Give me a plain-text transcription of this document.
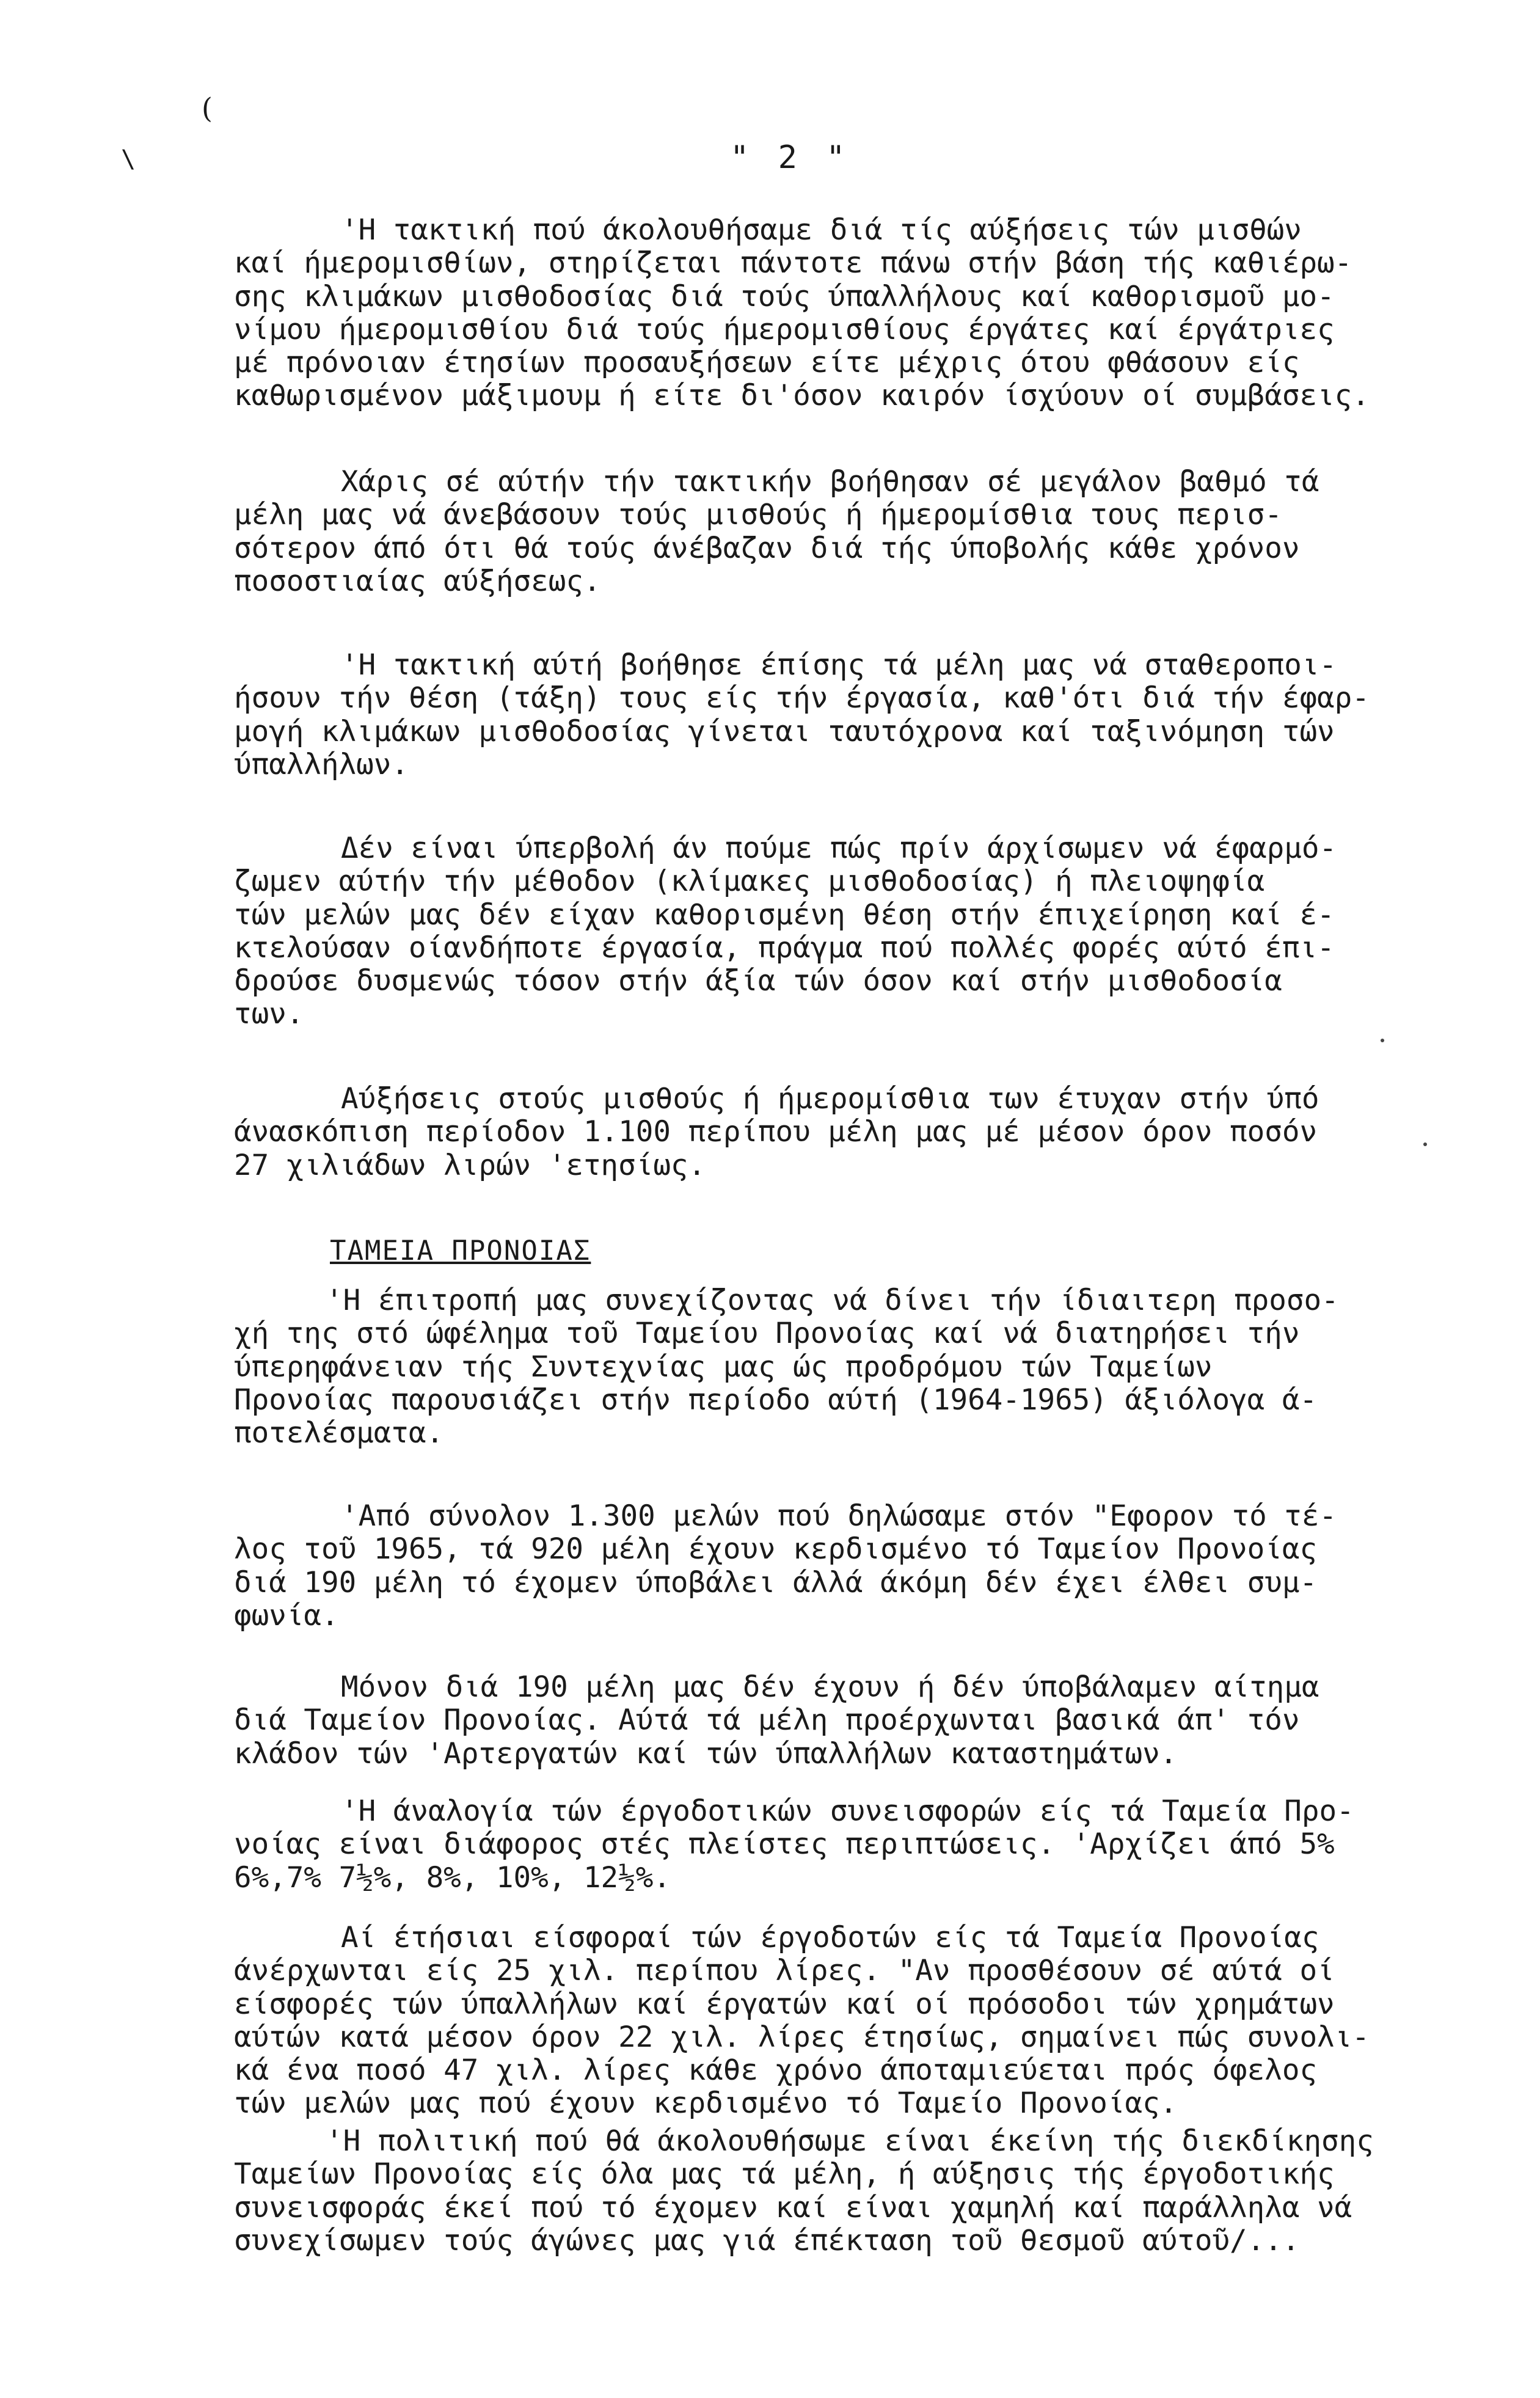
(
\	" 2 "
'Η τακτική πού άκολουθήσαμε διά τίς αύξήσεις τών μισθών
καί ήμερομισθίων, στηρίζεται πάντοτε πάνω στήν βάση τής καθιέρω-
σης κλιμάκων μισθοδοσίας διά τούς ύπαλλήλους καί καθορισμοῦ μο-
νίμου ήμερομισθίου διά τούς ήμερομισθίους έργάτες καί έργάτριες
μέ πρόνοιαν έτησίων προσαυξήσεων είτε μέχρις ότου φθάσουν είς
καθωρισμένον μάξιμουμ ή είτε δι'όσον καιρόν ίσχύουν οί συμβάσεις.
Χάρις σέ αύτήν τήν τακτικήν βοήθησαν σέ μεγάλον βαθμό τά
μέλη μας νά άνεβάσουν τούς μισθούς ή ήμερομίσθια τους περισ-
σότερον άπό ότι θά τούς άνέβαζαν διά τής ύποβολής κάθε χρόνον
ποσοστιαίας αύξήσεως.
'Η τακτική αύτή βοήθησε έπίσης τά μέλη μας νά σταθεροποι-
ήσουν τήν θέση (τάξη) τους είς τήν έργασία, καθ'ότι διά τήν έφαρ-
μογή κλιμάκων μισθοδοσίας γίνεται ταυτόχρονα καί ταξινόμηση τών
ύπαλλήλων.
Δέν είναι ύπερβολή άν πούμε πώς πρίν άρχίσωμεν νά έφαρμό-
ζωμεν αύτήν τήν μέθοδον (κλίμακες μισθοδοσίας) ή πλειοψηφία
τών μελών μας δέν είχαν καθορισμένη θέση στήν έπιχείρηση καί έ-
κτελούσαν οίανδήποτε έργασία, πράγμα πού πολλές φορές αύτό έπι-
δρούσε δυσμενώς τόσον στήν άξία τών όσον καί στήν μισθοδοσία
των.
Αύξήσεις στούς μισθούς ή ήμερομίσθια των έτυχαν στήν ύπό
άνασκόπιση περίοδον 1.100 περίπου μέλη μας μέ μέσον όρον ποσόν
27 χιλιάδων λιρών 'ετησίως.
ΤΑΜΕΙΑ ΠΡΟΝΟΙΑΣ
'Η έπιτροπή μας συνεχίζοντας νά δίνει τήν ίδιαιτερη προσο-
χή της στό ώφέλημα τοῦ Ταμείου Προνοίας καί νά διατηρήσει τήν
ύπερηφάνειαν τής Συντεχνίας μας ώς προδρόμου τών Ταμείων
Προνοίας παρουσιάζει στήν περίοδο αύτή (1964-1965) άξιόλογα ά-
ποτελέσματα.
'Από σύνολον 1.300 μελών πού δηλώσαμε στόν "Εφορον τό τέ-
λος τοῦ 1965, τά 920 μέλη έχουν κερδισμένο τό Ταμείον Προνοίας
διά 190 μέλη τό έχομεν ύποβάλει άλλά άκόμη δέν έχει έλθει συμ-
φωνία.
Μόνον διά 190 μέλη μας δέν έχουν ή δέν ύποβάλαμεν αίτημα
διά Ταμείον Προνοίας. Αύτά τά μέλη προέρχωνται βασικά άπ' τόν
κλάδον τών 'Αρτεργατών καί τών ύπαλλήλων καταστημάτων.
'Η άναλογία τών έργοδοτικών συνεισφορών είς τά Ταμεία Προ-
νοίας είναι διάφορος στές πλείστες περιπτώσεις. 'Αρχίζει άπό 5%
6%,7% 7½%, 8%, 10%, 12½%.
Αί έτήσιαι είσφοραί τών έργοδοτών είς τά Ταμεία Προνοίας
άνέρχωνται είς 25 χιλ. περίπου λίρες. "Αν προσθέσουν σέ αύτά οί
είσφορές τών ύπαλλήλων καί έργατών καί οί πρόσοδοι τών χρημάτων
αύτών κατά μέσον όρον 22 χιλ. λίρες έτησίως, σημαίνει πώς συνολι-
κά ένα ποσό 47 χιλ. λίρες κάθε χρόνο άποταμιεύεται πρός όφελος
τών μελών μας πού έχουν κερδισμένο τό Ταμείο Προνοίας.
'Η πολιτική πού θά άκολουθήσωμε είναι έκείνη τής διεκδίκησης
Ταμείων Προνοίας είς όλα μας τά μέλη, ή αύξησις τής έργοδοτικής
συνεισφοράς έκεί πού τό έχομεν καί είναι χαμηλή καί παράλληλα νά
συνεχίσωμεν τούς άγώνες μας γιά έπέκταση τοῦ θεσμοῦ αύτοῦ/...
